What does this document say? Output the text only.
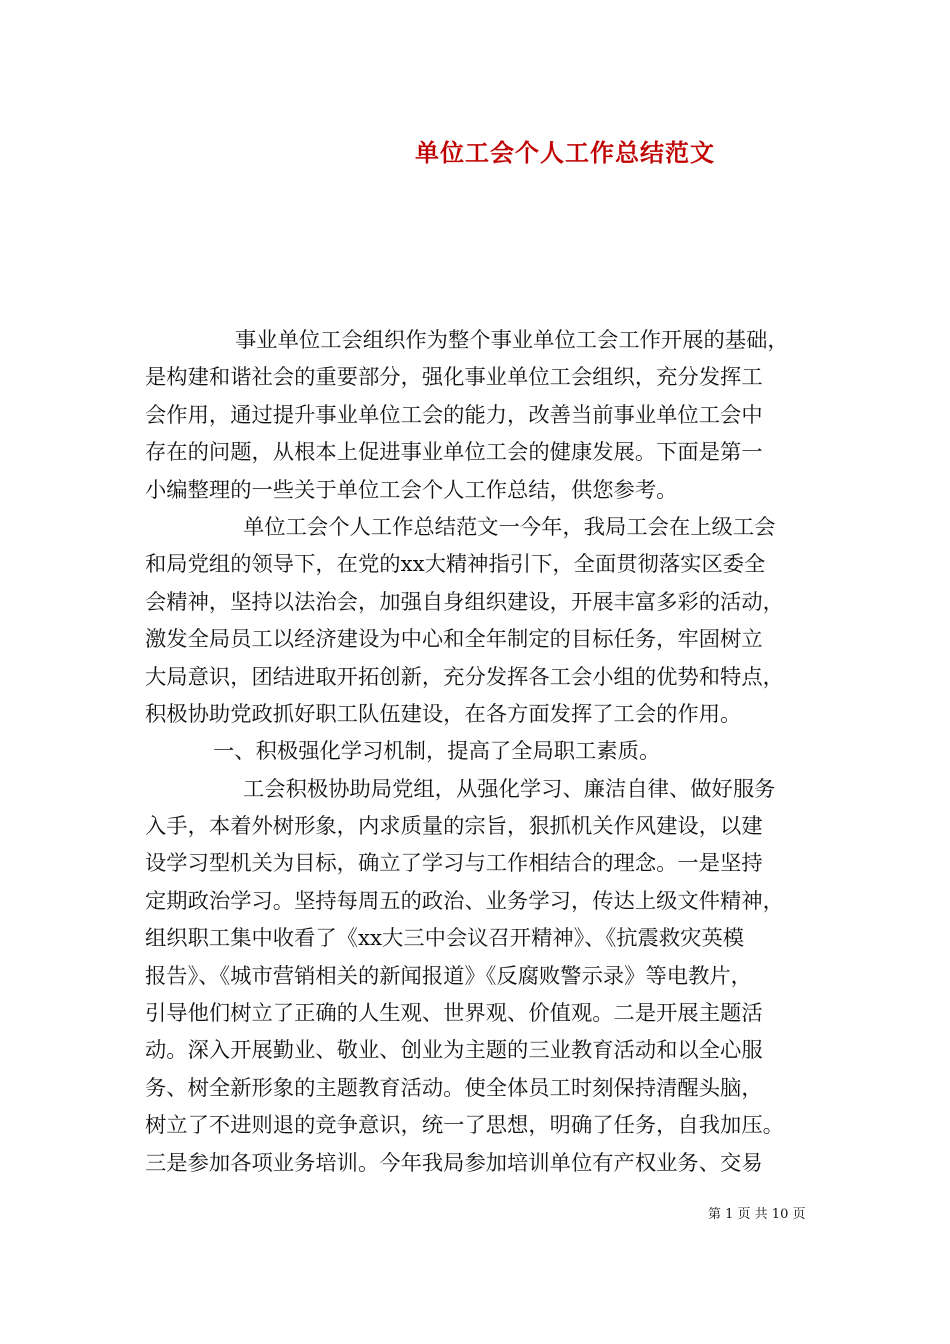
单位工会个人工作总结范文
事业单位工会组织作为整个事业单位工会工作开展的基础，
是构建和谐社会的重要部分，强化事业单位工会组织，充分发挥工
会作用，通过提升事业单位工会的能力，改善当前事业单位工会中
存在的问题，从根本上促进事业单位工会的健康发展。下面是第一
小编整理的一些关于单位工会个人工作总结，供您参考。
单位工会个人工作总结范文一今年，我局工会在上级工会
和局党组的领导下，在党的xx大精神指引下，全面贯彻落实区委全
会精神，坚持以法治会，加强自身组织建设，开展丰富多彩的活动，
激发全局员工以经济建设为中心和全年制定的目标任务，牢固树立
大局意识，团结进取开拓创新，充分发挥各工会小组的优势和特点，
积极协助党政抓好职工队伍建设，在各方面发挥了工会的作用。
一、积极强化学习机制，提高了全局职工素质。
工会积极协助局党组，从强化学习、廉洁自律、做好服务
入手，本着外树形象，内求质量的宗旨，狠抓机关作风建设，以建
设学习型机关为目标，确立了学习与工作相结合的理念。一是坚持
定期政治学习。坚持每周五的政治、业务学习，传达上级文件精神，
组织职工集中收看了《xx大三中会议召开精神》、《抗震救灾英模
报告》、《城市营销相关的新闻报道》《反腐败警示录》等电教片，
引导他们树立了正确的人生观、世界观、价值观。二是开展主题活
动。深入开展勤业、敬业、创业为主题的三业教育活动和以全心服
务、树全新形象的主题教育活动。使全体员工时刻保持清醒头脑，
树立了不进则退的竞争意识，统一了思想，明确了任务，自我加压。
三是参加各项业务培训。今年我局参加培训单位有产权业务、交易
第 1 页 共 10 页
